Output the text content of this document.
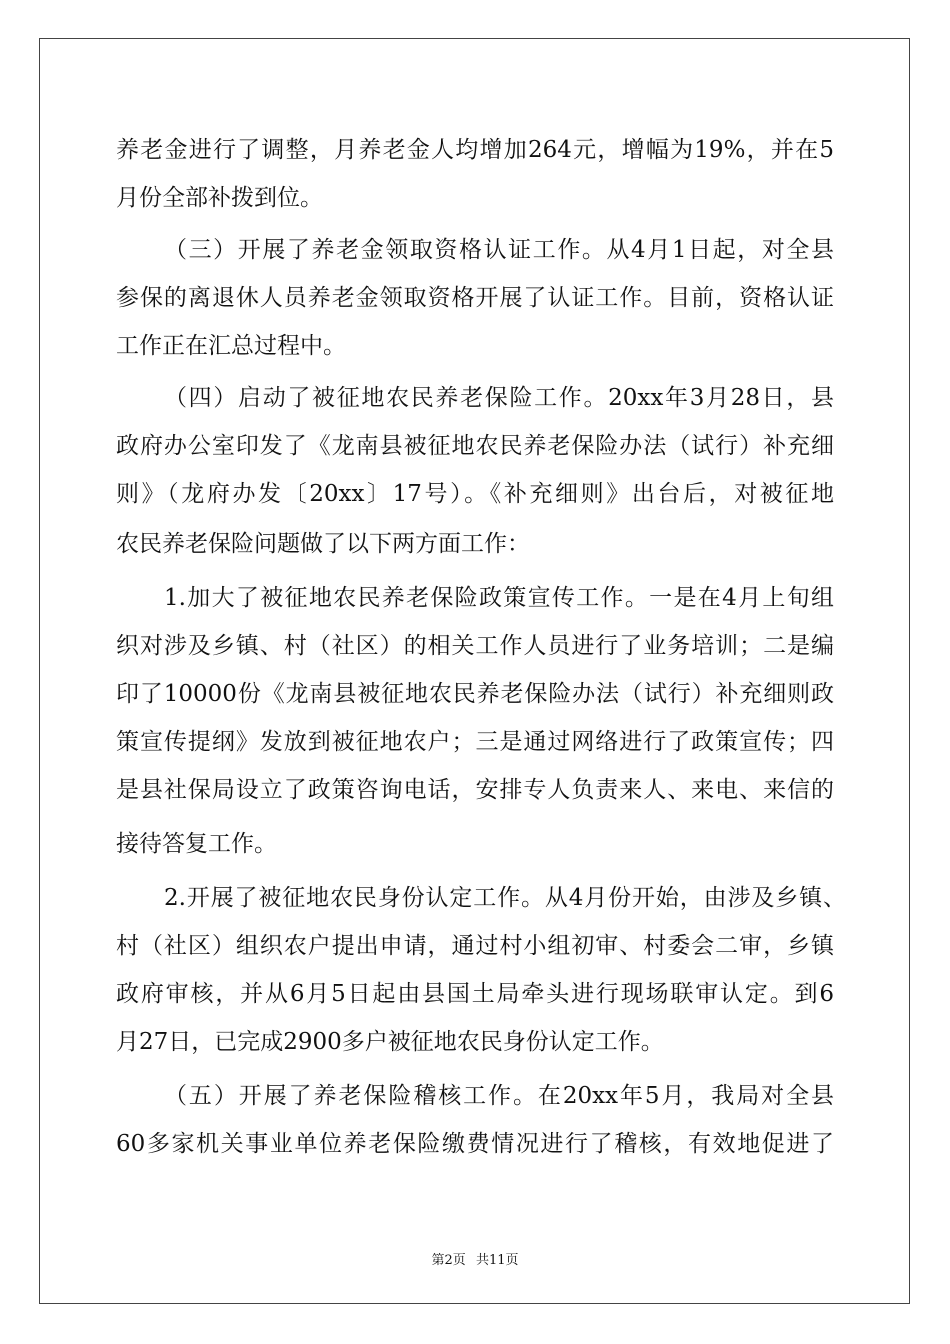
养老金进行了调整，月养老金人均增加264元，增幅为19%，并在5
月份全部补拨到位。
（三）开展了养老金领取资格认证工作。从4月1日起，对全县
参保的离退休人员养老金领取资格开展了认证工作。目前，资格认证
工作正在汇总过程中。
（四）启动了被征地农民养老保险工作。20xx年3月28日，县
政府办公室印发了《龙南县被征地农民养老保险办法（试行）补充细
则》（龙府办发〔20xx〕17号）。《补充细则》出台后，对被征地
农民养老保险问题做了以下两方面工作：
1.加大了被征地农民养老保险政策宣传工作。一是在4月上旬组
织对涉及乡镇、村（社区）的相关工作人员进行了业务培训；二是编
印了10000份《龙南县被征地农民养老保险办法（试行）补充细则政
策宣传提纲》发放到被征地农户；三是通过网络进行了政策宣传；四
是县社保局设立了政策咨询电话，安排专人负责来人、来电、来信的
接待答复工作。
2.开展了被征地农民身份认定工作。从4月份开始，由涉及乡镇、
村（社区）组织农户提出申请，通过村小组初审、村委会二审，乡镇
政府审核，并从6月5日起由县国土局牵头进行现场联审认定。到6
月27日，已完成2900多户被征地农民身份认定工作。
（五）开展了养老保险稽核工作。在20xx年5月，我局对全县
60多家机关事业单位养老保险缴费情况进行了稽核，有效地促进了
第2页 共11页
